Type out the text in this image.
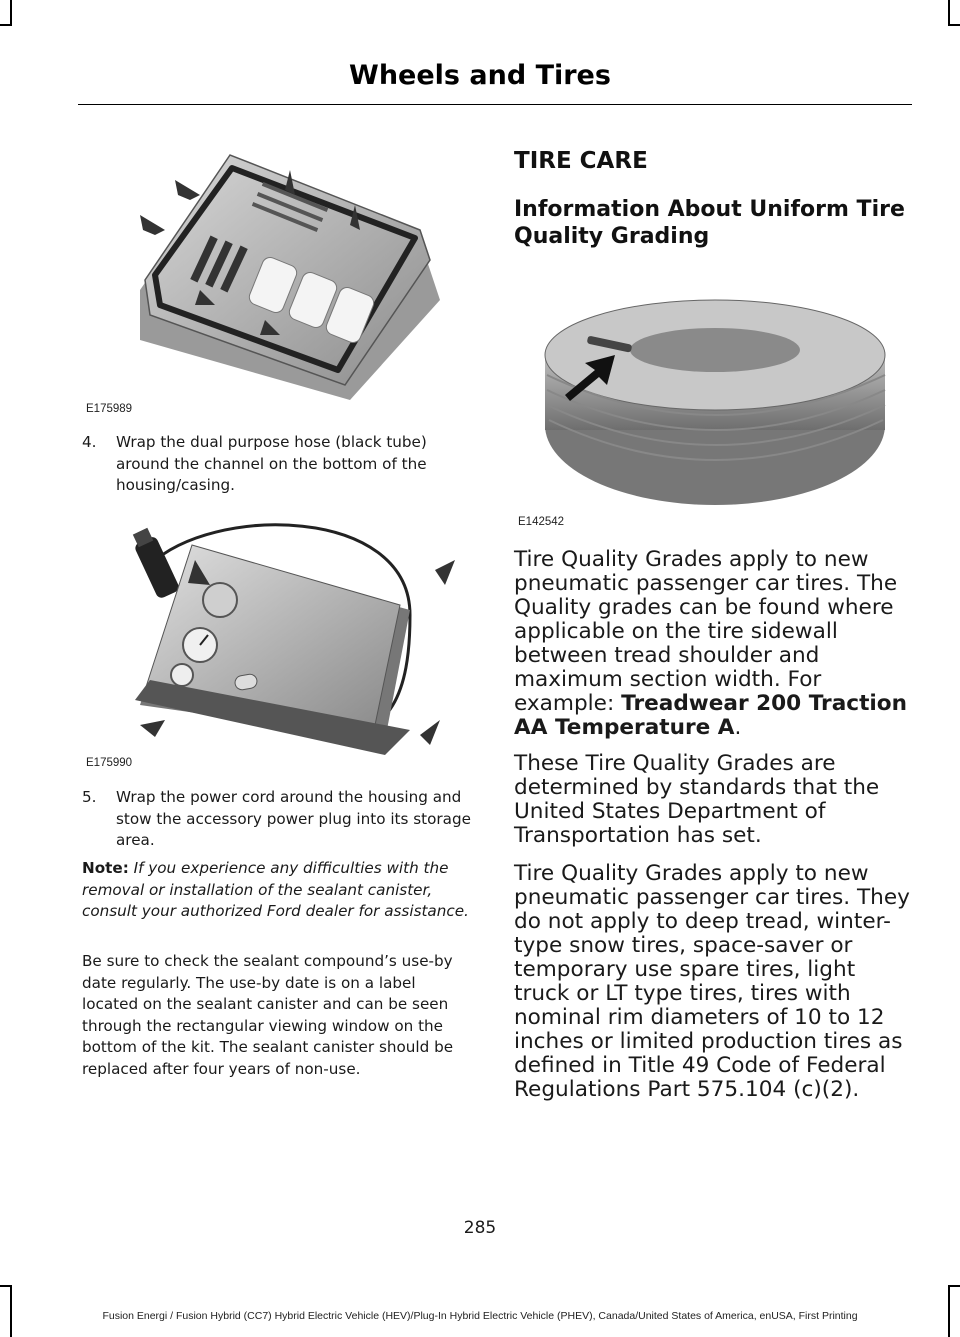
Wheels and Tires
E175989
4. Wrap the dual purpose hose (black tube) around the channel on the bottom of the housing/casing.
E175990
5. Wrap the power cord around the housing and stow the accessory power plug into its storage area.
Note: If you experience any difficulties with the removal or installation of the sealant canister, consult your authorized Ford dealer for assistance.
Be sure to check the sealant compound’s use-by date regularly. The use-by date is on a label located on the sealant canister and can be seen through the rectangular viewing window on the bottom of the kit. The sealant canister should be replaced after four years of non-use.
TIRE CARE
Information About Uniform Tire Quality Grading
E142542
Tire Quality Grades apply to new pneumatic passenger car tires. The Quality grades can be found where applicable on the tire sidewall between tread shoulder and maximum section width. For example: Treadwear 200 Traction AA Temperature A.
These Tire Quality Grades are determined by standards that the United States Department of Transportation has set.
Tire Quality Grades apply to new pneumatic passenger car tires. They do not apply to deep tread, winter-type snow tires, space-saver or temporary use spare tires, light truck or LT type tires, tires with nominal rim diameters of 10 to 12 inches or limited production tires as defined in Title 49 Code of Federal Regulations Part 575.104 (c)(2).
285
Fusion Energi / Fusion Hybrid (CC7) Hybrid Electric Vehicle (HEV)/Plug-In Hybrid Electric Vehicle (PHEV), Canada/United States of America, enUSA, First Printing
